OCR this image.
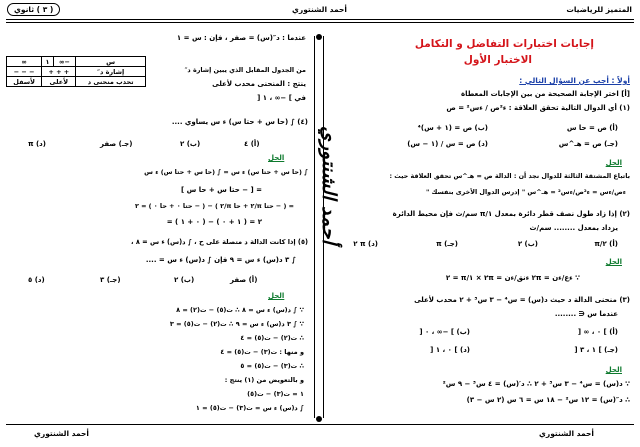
المتميز للرياضيات
أحمد الشنتوري
( ٣ ) ثانوي
أحمد الشنتوري
إجابات اختبارات التفاضل و التكامل
الاختبار الأول
أولاً : أجب عن السؤال التالي :
[أ] اختر الإجابة الصحيحة من بين الإجابات المعطاة
(١) أي الدوال التالية تحقق العلاقة : ء²ص / ءس² = ص
(أ) ص = حا س
(ب) ص = (١ + س)⁴
(جـ) ص = هـ^س
(د) ص = س / (١ − س)
الحل
باتباع المشتقة الثالثة للدوال نجد أن : الدالة ص = هـ^س تحقق العلاقة حيث :
ءص/ءس = ء²ص/ءس² = هـ^س " إدرس الدوال الأخرى بنفسك "
(٢) إذا زاد طول نصف قطر دائرة بمعدل ١/π سم/ث فإن محيط الدائرة
يزداد بمعدل ........ سم/ث
(أ) ٢/π
(ب) ٢
(جـ) π
(د) π ٢
الحل
∵ ءع/ءن = ٢π ءنق/ءن = ٢π × ١/π = ٢
(٣) منحنى الدالة د حيث د(س) = س⁴ − ٣ س³ + ٢ محدب لأعلى
عندما س ∈ ........
(أ) ] ٠ ، ∞ [
(ب) ] −∞ ، ٠ [
(جـ) ] ١ ، ٣ [
(د) ] ٠ ، ١ [
الحل
∵ د(س) = س⁴ − ٣ س³ + ٢ ∴ د′(س) = ٤ س³ − ٩ س²
∴ د″(س) = ١٢ س² − ١٨ س = ٦ س (٢ س − ٣)
عندما : د″(س) = صفر ، فإن : س = ١
من الجدول المقابل الذي يبين إشارة د″
ينتج : المنحنى محدب لأعلى
في ] −∞ ، ١ [
س	−∞	١	∞
إشارة د″	+ + +		− − −
تحدب منحنى د	لأعلى		لأسفل
(٤) ∫ (حا س + حتا س) ء س يساوي ....
(أ) ٤
(ب) ٢
(جـ) صفر
(د) π
الحل
∫ (حا س + حتا س) ء س = ∫ (حا س + حتا س) ء س
= [ − حتا س + حا س ]
= ( − حتا π/٢ + حا π/٢ ) − ( − حتا ٠ + حا ٠ ) = ٢
٢ = ( ١ + ٠ ) − ( ٠ + ١ ) =
(٥) إذا كانت الدالة د متصلة على ح ، ∫ د(س) ء س = ٨ ،
∫ ٣ د(س) ء س = ٩ فإن ∫ د(س) ء س = ....
(أ) صفر
(ب) ٢
(جـ) ٣
(د) ٥
الحل
∵ ∫ د(س) ء س = ٨ ∴ ت(٥) − ت(٢) = ٨
∵ ∫ ٣ د(س) ء س = ٩ ∴ ت(٢) − ت(٥) = ٣
∴ ت(٢) − ت(٥) = ٤
و منها : ت(٣) − ت(٥) = ٤
∴ ت(٣) − ت(٥) = ٥
و بالتعويض من (١) ينتج :
١ = ت(٣) − ت(٥)
∫ د(س) ء س = ت(٣) − ت(٥) = ١
أحمد الشنتوري	أحمد الشنتوري
